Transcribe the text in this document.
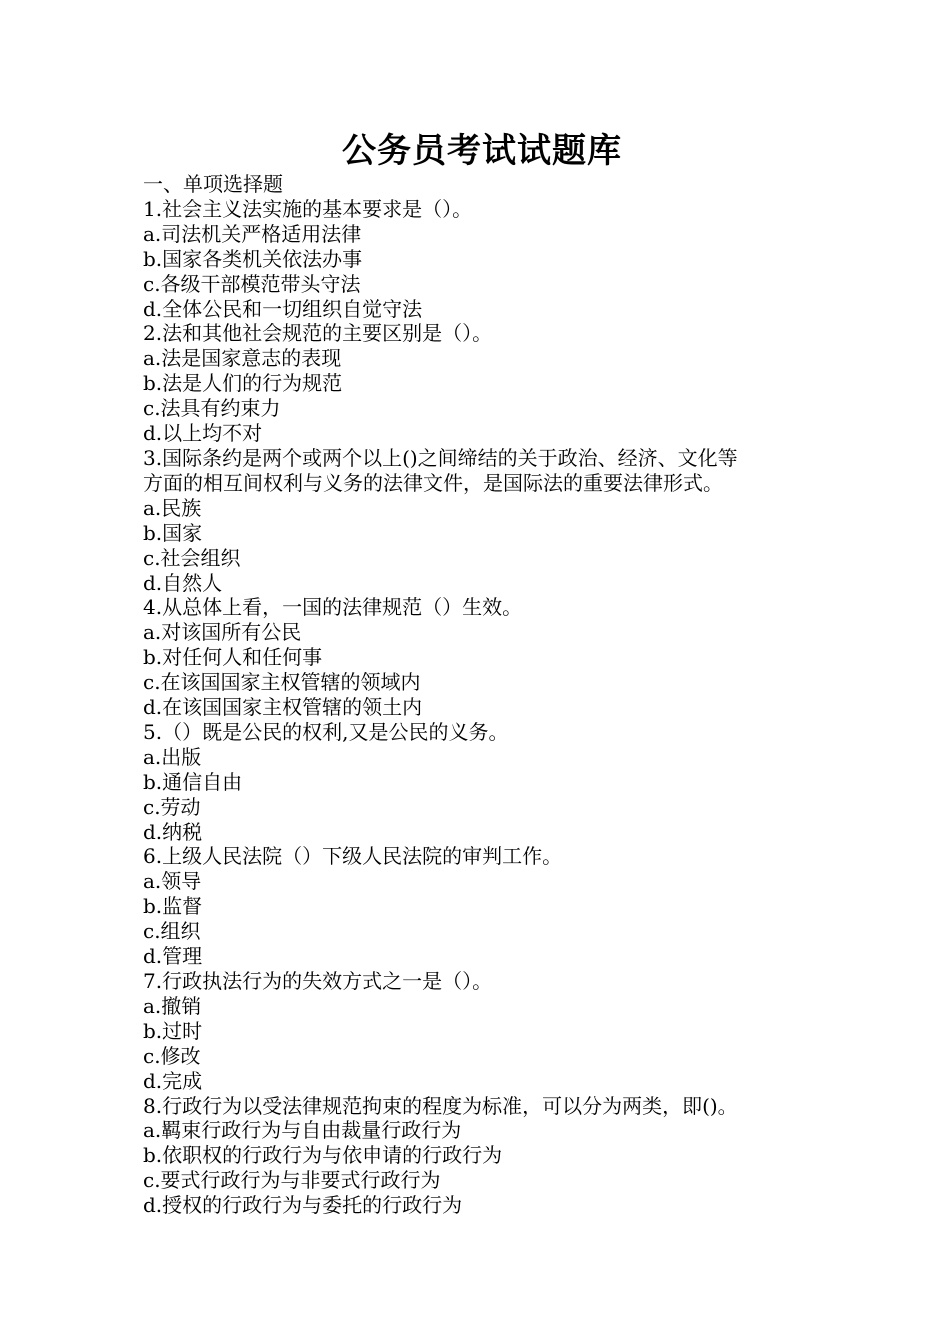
公务员考试试题库
一、单项选择题
1.社会主义法实施的基本要求是（）。
a.司法机关严格适用法律
b.国家各类机关依法办事
c.各级干部模范带头守法
d.全体公民和一切组织自觉守法
2.法和其他社会规范的主要区别是（）。
a.法是国家意志的表现
b.法是人们的行为规范
c.法具有约束力
d.以上均不对
3.国际条约是两个或两个以上()之间缔结的关于政治、经济、文化等
方面的相互间权利与义务的法律文件，是国际法的重要法律形式。
a.民族
b.国家
c.社会组织
d.自然人
4.从总体上看，一国的法律规范（）生效。
a.对该国所有公民
b.对任何人和任何事
c.在该国国家主权管辖的领域内
d.在该国国家主权管辖的领土内
5.（）既是公民的权利,又是公民的义务。
a.出版
b.通信自由
c.劳动
d.纳税
6.上级人民法院（）下级人民法院的审判工作。
a.领导
b.监督
c.组织
d.管理
7.行政执法行为的失效方式之一是（）。
a.撤销
b.过时
c.修改
d.完成
8.行政行为以受法律规范拘束的程度为标准，可以分为两类，即()。
a.羁束行政行为与自由裁量行政行为
b.依职权的行政行为与依申请的行政行为
c.要式行政行为与非要式行政行为
d.授权的行政行为与委托的行政行为
